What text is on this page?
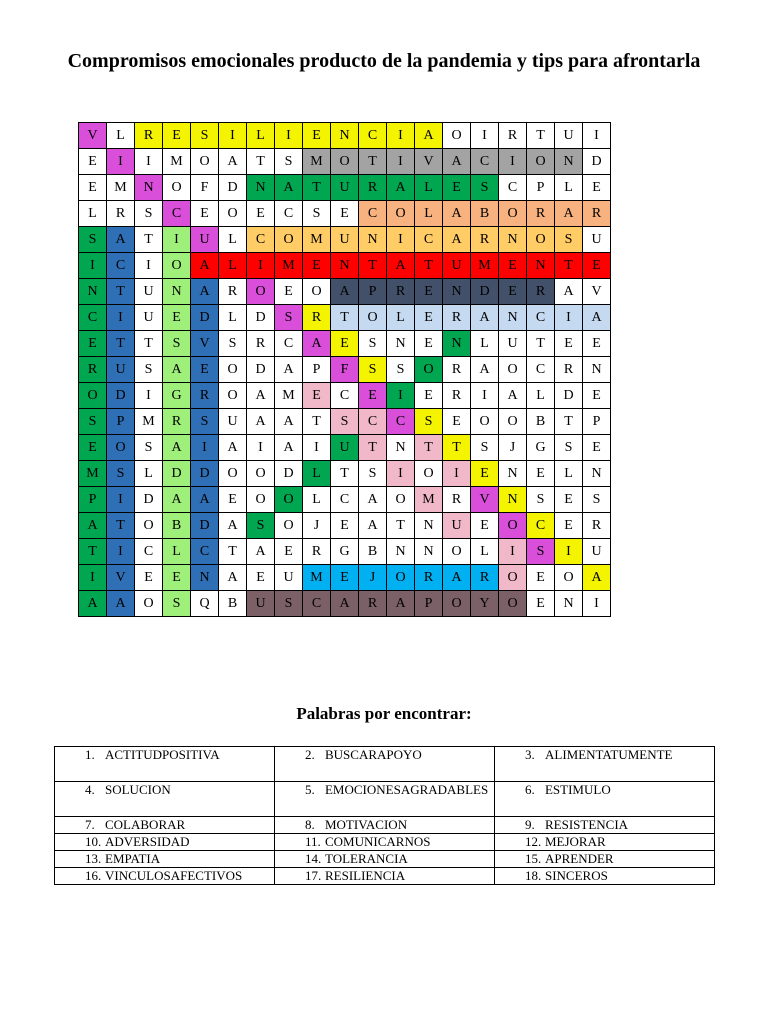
Compromisos emocionales producto de la pandemia y tips para afrontarla
V	L	R	E	S	I	L	I	E	N	C	I	A	O	I	R	T	U	I
E	I	I	M	O	A	T	S	M	O	T	I	V	A	C	I	O	N	D
E	M	N	O	F	D	N	A	T	U	R	A	L	E	S	C	P	L	E
L	R	S	C	E	O	E	C	S	E	C	O	L	A	B	O	R	A	R
S	A	T	I	U	L	C	O	M	U	N	I	C	A	R	N	O	S	U
I	C	I	O	A	L	I	M	E	N	T	A	T	U	M	E	N	T	E
N	T	U	N	A	R	O	E	O	A	P	R	E	N	D	E	R	A	V
C	I	U	E	D	L	D	S	R	T	O	L	E	R	A	N	C	I	A
E	T	T	S	V	S	R	C	A	E	S	N	E	N	L	U	T	E	E
R	U	S	A	E	O	D	A	P	F	S	S	O	R	A	O	C	R	N
O	D	I	G	R	O	A	M	E	C	E	I	E	R	I	A	L	D	E
S	P	M	R	S	U	A	A	T	S	C	C	S	E	O	O	B	T	P
E	O	S	A	I	A	I	A	I	U	T	N	T	T	S	J	G	S	E
M	S	L	D	D	O	O	D	L	T	S	I	O	I	E	N	E	L	N
P	I	D	A	A	E	O	O	L	C	A	O	M	R	V	N	S	E	S
A	T	O	B	D	A	S	O	J	E	A	T	N	U	E	O	C	E	R
T	I	C	L	C	T	A	E	R	G	B	N	N	O	L	I	S	I	U
I	V	E	E	N	A	E	U	M	E	J	O	R	A	R	O	E	O	A
A	A	O	S	Q	B	U	S	C	A	R	A	P	O	Y	O	E	N	I
Palabras por encontrar:
1. ACTITUDPOSITIVA	2. BUSCARAPOYO	3. ALIMENTATUMENTE

4. SOLUCION	5. EMOCIONESAGRADABLES	6. ESTIMULO

7. COLABORAR	8. MOTIVACION	9. RESISTENCIA

10. ADVERSIDAD	11. COMUNICARNOS	12. MEJORAR

13. EMPATIA	14. TOLERANCIA	15. APRENDER

16. VINCULOSAFECTIVOS	17. RESILIENCIA	18. SINCEROS
